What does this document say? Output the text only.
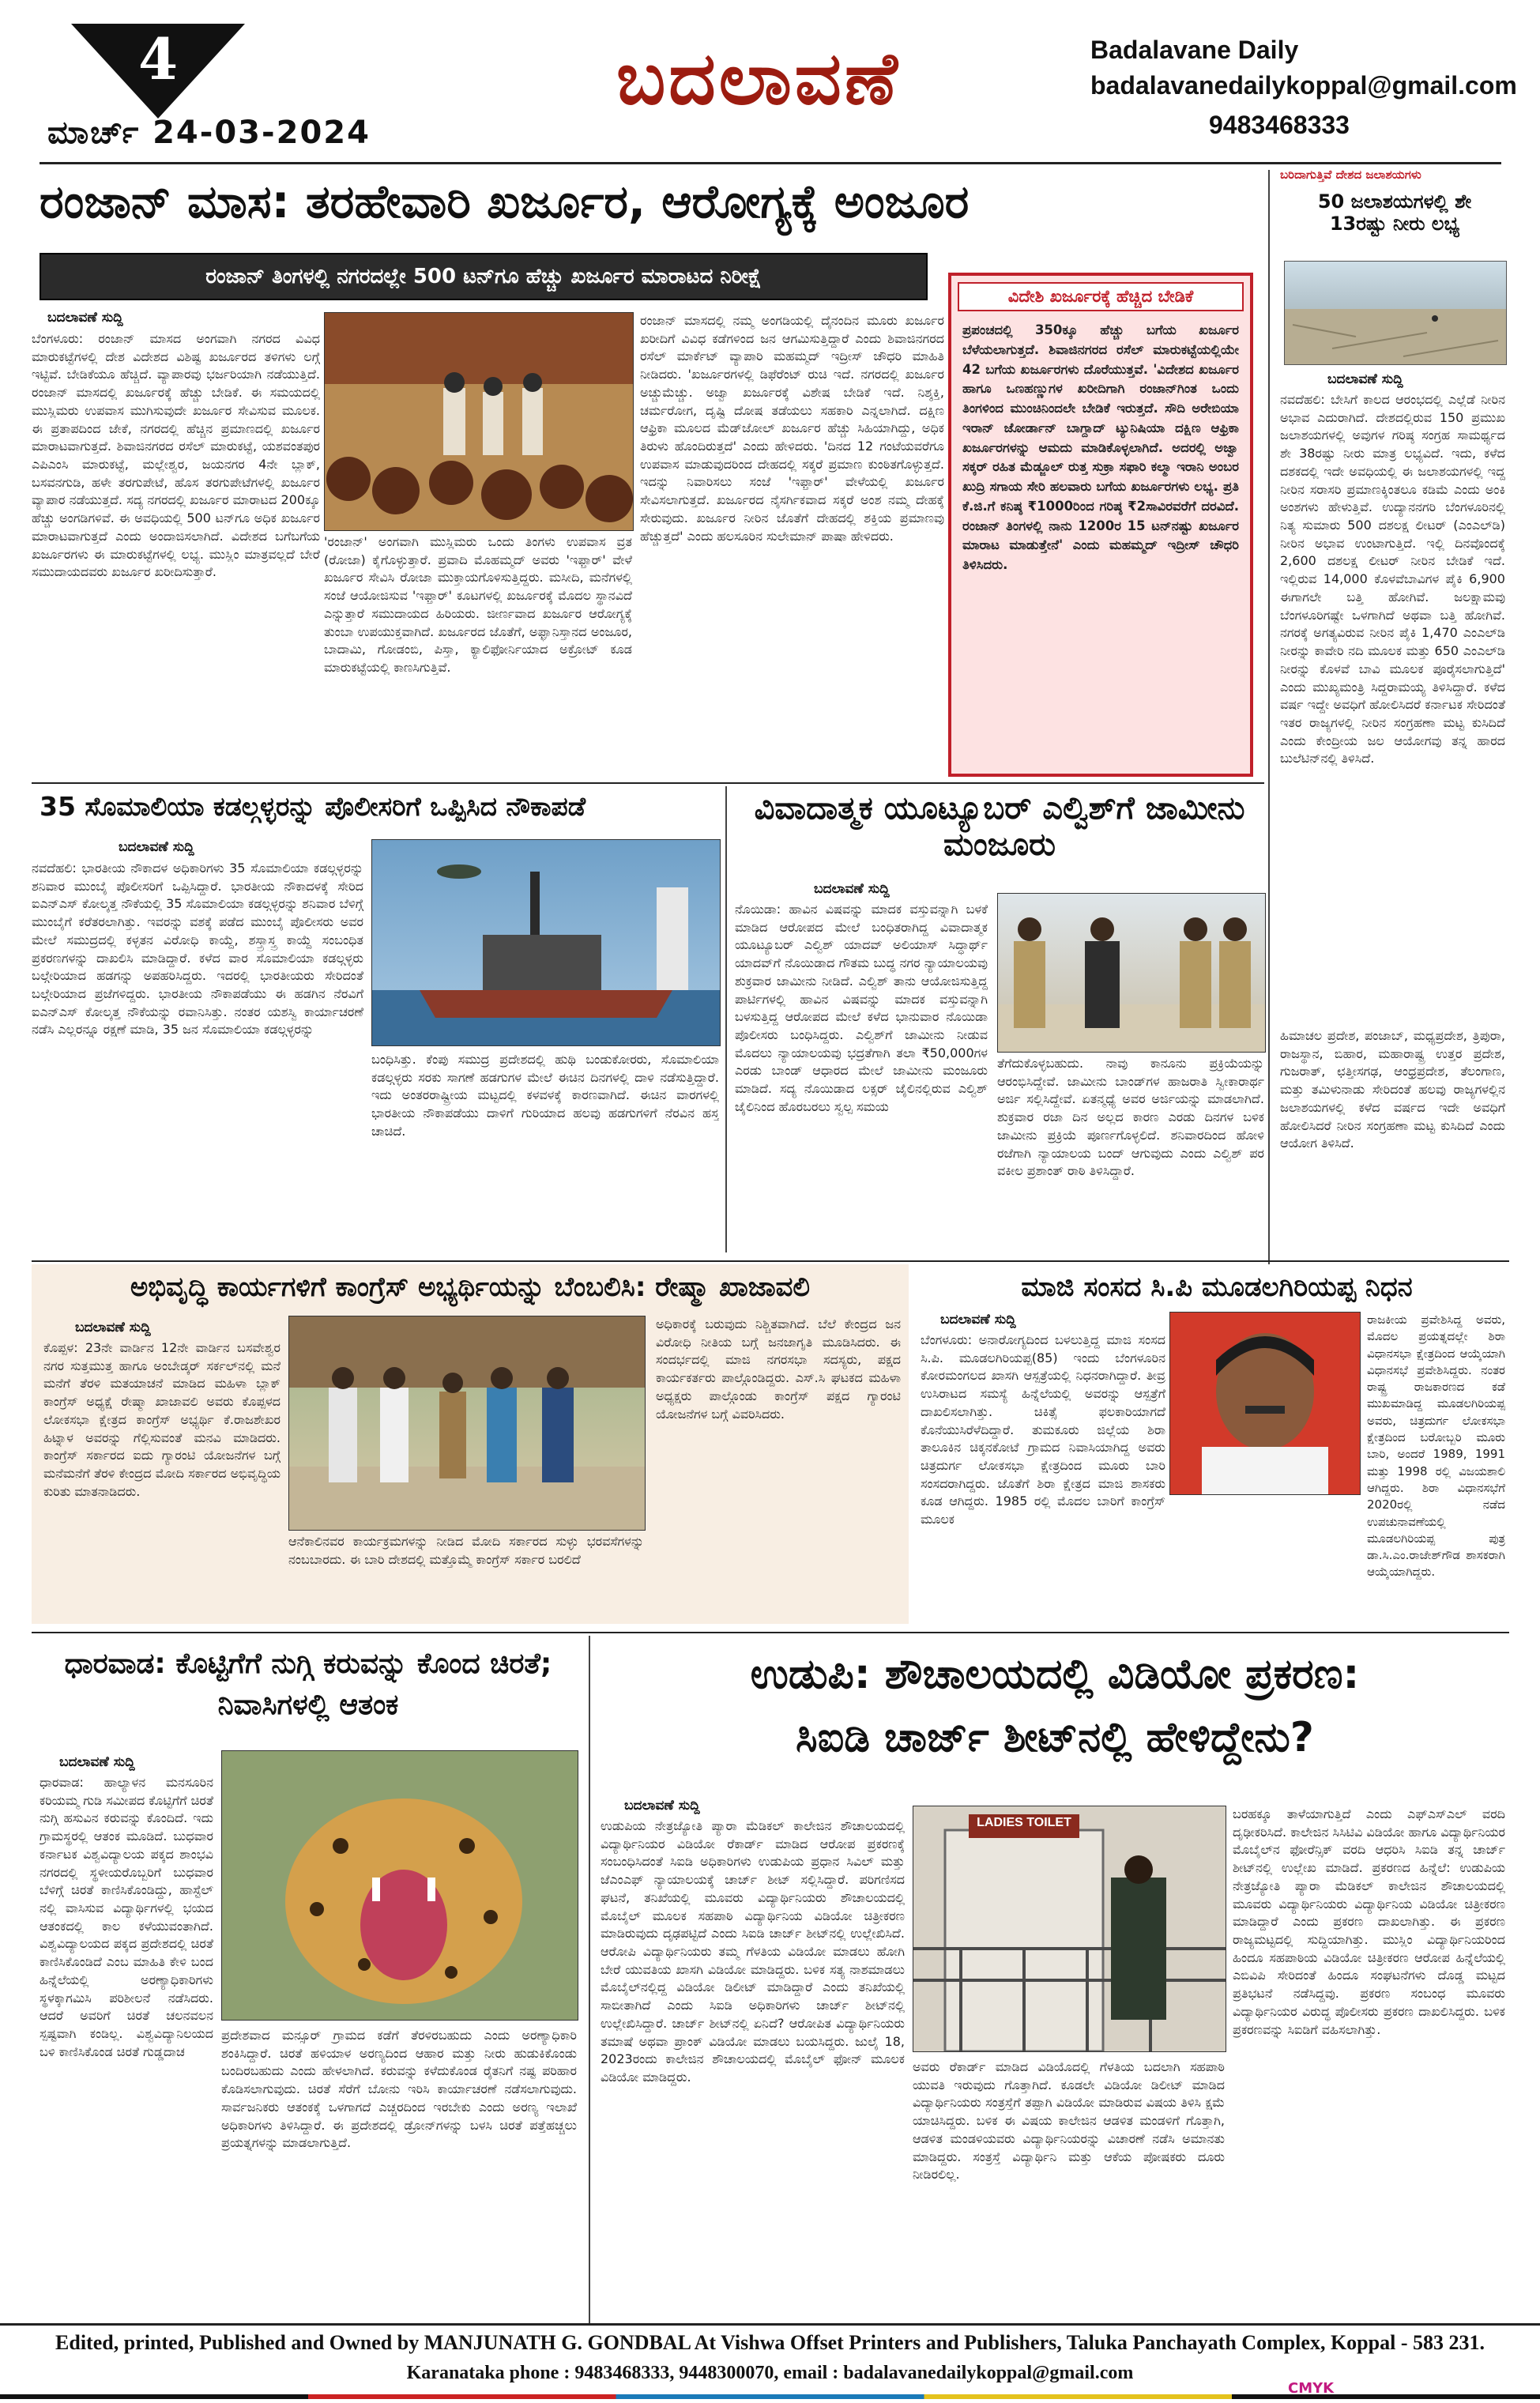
4
ಮಾರ್ಚ್ 24-03-2024
ಬದಲಾವಣೆ	Badalavane Daily
badalavanedailykoppal@gmail.com
9483468333
ರಂಜಾನ್ ಮಾಸ: ತರಹೇವಾರಿ ಖರ್ಜೂರ, ಆರೋಗ್ಯಕ್ಕೆ ಅಂಜೂರ
ರಂಜಾನ್ ತಿಂಗಳಲ್ಲಿ ನಗರದಲ್ಲೇ 500 ಟನ್‌ಗೂ ಹೆಚ್ಚು ಖರ್ಜೂರ ಮಾರಾಟದ ನಿರೀಕ್ಷೆ
ಬದಲಾವಣೆ ಸುದ್ದಿ
ಬೆಂಗಳೂರು: ರಂಜಾನ್ ಮಾಸದ ಅಂಗವಾಗಿ ನಗರದ ವಿವಿಧ ಮಾರುಕಟ್ಟೆಗಳಲ್ಲಿ ದೇಶ ವಿದೇಶದ ವಿಶಿಷ್ಟ ಖರ್ಜೂರದ ತಳಿಗಳು ಲಗ್ಗೆ ಇಟ್ಟಿವೆ. ಬೇಡಿಕೆಯೂ ಹೆಚ್ಚಿದೆ. ವ್ಯಾಪಾರವು ಭರ್ಜರಿಯಾಗಿ ನಡೆಯುತ್ತಿದೆ. ರಂಜಾನ್ ಮಾಸದಲ್ಲಿ ಖರ್ಜೂರಕ್ಕೆ ಹೆಚ್ಚು ಬೇಡಿಕೆ. ಈ ಸಮಯದಲ್ಲಿ ಮುಸ್ಲಿಮರು ಉಪವಾಸ ಮುಗಿಸುವುದೇ ಖರ್ಜೂರ ಸೇವಿಸುವ ಮೂಲಕ. ಈ ಪ್ರತಾಪದಿಂದ ಜೇಕೆ, ನಗರದಲ್ಲಿ ಹೆಚ್ಚಿನ ಪ್ರಮಾಣದಲ್ಲಿ ಖರ್ಜೂರ ಮಾರಾಟವಾಗುತ್ತದೆ. ಶಿವಾಜಿನಗರದ ರಸೆಲ್ ಮಾರುಕಟ್ಟೆ, ಯಶವಂತಪುರ ಎಪಿಎಂಸಿ ಮಾರುಕಟ್ಟೆ, ಮಲ್ಲೇಶ್ವರ, ಜಯನಗರ 4ನೇ ಬ್ಲಾಕ್, ಬಸವನಗುಡಿ, ಹಳೇ ತರಗುಪೇಟೆ, ಹೊಸ ತರಗುಪೇಟೆಗಳಲ್ಲಿ ಖರ್ಜೂರ ವ್ಯಾಪಾರ ನಡೆಯುತ್ತದೆ. ಸದ್ಯ ನಗರದಲ್ಲಿ ಖರ್ಜೂರ ಮಾರಾಟದ 200ಕ್ಕೂ ಹೆಚ್ಚು ಅಂಗಡಿಗಳಿವೆ. ಈ ಅವಧಿಯಲ್ಲಿ 500 ಟನ್‌ಗೂ ಅಧಿಕ ಖರ್ಜೂರ ಮಾರಾಟವಾಗುತ್ತದೆ ಎಂದು ಅಂದಾಜಿಸಲಾಗಿದೆ. ವಿದೇಶದ ಬಗೆಬಗೆಯ ಖರ್ಜೂರಗಳು ಈ ಮಾರುಕಟ್ಟೆಗಳಲ್ಲಿ ಲಭ್ಯ. ಮುಸ್ಲಿಂ ಮಾತ್ರವಲ್ಲದೆ ಬೇರೆ ಸಮುದಾಯದವರು ಖರ್ಜೂರ ಖರೀದಿಸುತ್ತಾರೆ.
'ರಂಜಾನ್' ಅಂಗವಾಗಿ ಮುಸ್ಲಿಮರು ಒಂದು ತಿಂಗಳು ಉಪವಾಸ ವ್ರತ (ರೋಜಾ) ಕೈಗೊಳ್ಳುತ್ತಾರೆ. ಪ್ರವಾದಿ ಮೊಹಮ್ಮದ್ ಅವರು 'ಇಫ್ತಾರ್' ವೇಳೆ ಖರ್ಜೂರ ಸೇವಿಸಿ ರೋಜಾ ಮುಕ್ತಾಯಗೊಳಿಸುತ್ತಿದ್ದರು. ಮಸೀದಿ, ಮನೆಗಳಲ್ಲಿ ಸಂಜೆ ಆಯೋಜಿಸುವ 'ಇಫ್ತಾರ್' ಕೂಟಗಳಲ್ಲಿ ಖರ್ಜೂರಕ್ಕೆ ಮೊದಲ ಸ್ಥಾನವಿದೆ ಎನ್ನುತ್ತಾರೆ ಸಮುದಾಯದ ಹಿರಿಯರು. ಜೀರ್ಣವಾದ ಖರ್ಜೂರ ಆರೋಗ್ಯಕ್ಕೆ ತುಂಬಾ ಉಪಯುಕ್ತವಾಗಿದೆ. ಖರ್ಜೂರದ ಜೊತೆಗೆ, ಅಫ್ಘಾನಿಸ್ತಾನದ ಅಂಜೂರ, ಬಾದಾಮಿ, ಗೋಡಂಬಿ, ಪಿಸ್ತಾ, ಕ್ಯಾಲಿಫೋರ್ನಿಯಾದ ಅಕ್ರೋಟ್ ಕೂಡ ಮಾರುಕಟ್ಟೆಯಲ್ಲಿ ಕಾಣಸಿಗುತ್ತಿವೆ.
ರಂಜಾನ್ ಮಾಸದಲ್ಲಿ ನಮ್ಮ ಅಂಗಡಿಯಲ್ಲಿ ದೈನಂದಿನ ಮೂರು ಖರ್ಜೂರ ಖರೀದಿಗೆ ವಿವಿಧ ಕಡೆಗಳಿಂದ ಜನ ಆಗಮಿಸುತ್ತಿದ್ದಾರೆ ಎಂದು ಶಿವಾಜಿನಗರದ ರಸೆಲ್ ಮಾರ್ಕೆಟ್ ವ್ಯಾಪಾರಿ ಮಹಮ್ಮದ್ ಇದ್ರೀಸ್ ಚೌಧರಿ ಮಾಹಿತಿ ನೀಡಿದರು. 'ಖರ್ಜೂರಗಳಲ್ಲಿ ಡಿಫೆರೆಂಟ್ ರುಚಿ ಇದೆ. ನಗರದಲ್ಲಿ ಖರ್ಜೂರ ಅಚ್ಚುಮೆಚ್ಚು. ಅಜ್ವಾ ಖರ್ಜೂರಕ್ಕೆ ವಿಶೇಷ ಬೇಡಿಕೆ ಇದೆ. ನಿಶ್ಶಕ್ತಿ, ಚರ್ಮರೋಗ, ದೃಷ್ಟಿ ದೋಷ ತಡೆಯಲು ಸಹಕಾರಿ ಎನ್ನಲಾಗಿದೆ. ದಕ್ಷಿಣ ಆಫ್ರಿಕಾ ಮೂಲದ ಮೆಡ್‌ಜೋಲ್ ಖರ್ಜೂರ ಹೆಚ್ಚು ಸಿಹಿಯಾಗಿದ್ದು, ಅಧಿಕ ತಿರುಳು ಹೊಂದಿರುತ್ತದೆ' ಎಂದು ಹೇಳಿದರು. 'ದಿನದ 12 ಗಂಟೆಯವರೆಗೂ ಉಪವಾಸ ಮಾಡುವುದರಿಂದ ದೇಹದಲ್ಲಿ ಸಕ್ಕರೆ ಪ್ರಮಾಣ ಕುಂಠಿತಗೊಳ್ಳುತ್ತದೆ. ಇದನ್ನು ನಿವಾರಿಸಲು ಸಂಜೆ 'ಇಫ್ತಾರ್' ವೇಳೆಯಲ್ಲಿ ಖರ್ಜೂರ ಸೇವಿಸಲಾಗುತ್ತದೆ. ಖರ್ಜೂರದ ನೈಸರ್ಗಿಕವಾದ ಸಕ್ಕರೆ ಅಂಶ ನಮ್ಮ ದೇಹಕ್ಕೆ ಸೇರುವುದು. ಖರ್ಜೂರ ನೀರಿನ ಜೊತೆಗೆ ದೇಹದಲ್ಲಿ ಶಕ್ತಿಯ ಪ್ರಮಾಣವು ಹೆಚ್ಚುತ್ತದೆ' ಎಂದು ಹಲಸೂರಿನ ಸುಲೇಮಾನ್ ಪಾಷಾ ಹೇಳಿದರು.
ವಿದೇಶಿ ಖರ್ಜೂರಕ್ಕೆ ಹೆಚ್ಚಿದ ಬೇಡಿಕೆ
ಪ್ರಪಂಚದಲ್ಲಿ 350ಕ್ಕೂ ಹೆಚ್ಚು ಬಗೆಯ ಖರ್ಜೂರ ಬೆಳೆಯಲಾಗುತ್ತದೆ. ಶಿವಾಜಿನಗರದ ರಸೆಲ್ ಮಾರುಕಟ್ಟೆಯಲ್ಲಿಯೇ 42 ಬಗೆಯ ಖರ್ಜೂರಗಳು ದೊರೆಯುತ್ತವೆ. 'ವಿದೇಶದ ಖರ್ಜೂರ ಹಾಗೂ ಒಣಹಣ್ಣುಗಳ ಖರೀದಿಗಾಗಿ ರಂಜಾನ್‌ಗಿಂತ ಒಂದು ತಿಂಗಳಿಂದ ಮುಂಚಿನಿಂದಲೇ ಬೇಡಿಕೆ ಇರುತ್ತದೆ. ಸೌದಿ ಅರೇಬಿಯಾ ಇರಾನ್ ಜೋರ್ಡಾನ್ ಬಾಗ್ದಾದ್ ಟ್ಯುನಿಷಿಯಾ ದಕ್ಷಿಣ ಆಫ್ರಿಕಾ ಖರ್ಜೂರಗಳನ್ನು ಆಮದು ಮಾಡಿಕೊಳ್ಳಲಾಗಿದೆ. ಅದರಲ್ಲಿ ಅಜ್ವಾ ಸಕ್ಕರ್ ರಹಿತ ಮೆಡ್ಜೂಲ್ ರುತ್ತ ಸುಕ್ರಾ ಸಫಾರಿ ಕಲ್ಮಾ ಇರಾನಿ ಅಂಬರ ಖುದ್ರಿ ಸಗಾಯ ಸೇರಿ ಹಲವಾರು ಬಗೆಯ ಖರ್ಜೂರಗಳು ಲಭ್ಯ. ಪ್ರತಿ ಕೆ.ಜಿ.ಗೆ ಕನಿಷ್ಠ ₹1000ರಿಂದ ಗರಿಷ್ಠ ₹2ಸಾವಿರವರೆಗೆ ದರವಿದೆ. ರಂಜಾನ್ ತಿಂಗಳಲ್ಲಿ ನಾನು 1200ರ 15 ಟನ್‌ನಷ್ಟು ಖರ್ಜೂರ ಮಾರಾಟ ಮಾಡುತ್ತೇನೆ' ಎಂದು ಮಹಮ್ಮದ್ ಇದ್ರೀಸ್ ಚೌಧರಿ ತಿಳಿಸಿದರು.
ಬರಿದಾಗುತ್ತಿವೆ ದೇಶದ ಜಲಾಶಯಗಳು
50 ಜಲಾಶಯಗಳಲ್ಲಿ ಶೇ 13ರಷ್ಟು ನೀರು ಲಭ್ಯ
ಬದಲಾವಣೆ ಸುದ್ದಿ
ನವದೆಹಲಿ: ಬೇಸಿಗೆ ಕಾಲದ ಆರಂಭದಲ್ಲಿ ಎಲ್ಲೆಡೆ ನೀರಿನ ಅಭಾವ ಎದುರಾಗಿದೆ. ದೇಶದಲ್ಲಿರುವ 150 ಪ್ರಮುಖ ಜಲಾಶಯಗಳಲ್ಲಿ ಅವುಗಳ ಗರಿಷ್ಠ ಸಂಗ್ರಹ ಸಾಮರ್ಥ್ಯದ ಶೇ 38ರಷ್ಟು ನೀರು ಮಾತ್ರ ಲಭ್ಯವಿದೆ. ಇದು, ಕಳೆದ ದಶಕದಲ್ಲಿ ಇದೇ ಅವಧಿಯಲ್ಲಿ ಈ ಜಲಾಶಯಗಳಲ್ಲಿ ಇದ್ದ ನೀರಿನ ಸರಾಸರಿ ಪ್ರಮಾಣಕ್ಕಿಂತಲೂ ಕಡಿಮೆ ಎಂದು ಅಂಕಿ ಅಂಶಗಳು ಹೇಳುತ್ತಿವೆ. ಉದ್ಯಾನನಗರಿ ಬೆಂಗಳೂರಿನಲ್ಲಿ ನಿತ್ಯ ಸುಮಾರು 500 ದಶಲಕ್ಷ ಲೀಟರ್ (ಎಂಎಲ್‌ಡಿ) ನೀರಿನ ಅಭಾವ ಉಂಟಾಗುತ್ತಿದೆ. ಇಲ್ಲಿ ದಿನವೊಂದಕ್ಕೆ 2,600 ದಶಲಕ್ಷ ಲೀಟರ್ ನೀರಿನ ಬೇಡಿಕೆ ಇದೆ. ಇಲ್ಲಿರುವ 14,000 ಕೊಳವೆಬಾವಿಗಳ ಪೈಕಿ 6,900 ಈಗಾಗಲೇ ಬತ್ತಿ ಹೋಗಿವೆ. ಜಲಕ್ಷಾಮವು ಬೆಂಗಳೂರಿಗಷ್ಟೇ ಒಳಗಾಗಿದೆ ಅಥವಾ ಬತ್ತಿ ಹೋಗಿವೆ. ನಗರಕ್ಕೆ ಅಗತ್ಯವಿರುವ ನೀರಿನ ಪೈಕಿ 1,470 ಎಂಎಲ್‌ಡಿ ನೀರನ್ನು ಕಾವೇರಿ ನದಿ ಮೂಲಕ ಮತ್ತು 650 ಎಂಎಲ್‌ಡಿ ನೀರನ್ನು ಕೊಳವೆ ಬಾವಿ ಮೂಲಕ ಪೂರೈಸಲಾಗುತ್ತಿದೆ' ಎಂದು ಮುಖ್ಯಮಂತ್ರಿ ಸಿದ್ದರಾಮಯ್ಯ ತಿಳಿಸಿದ್ದಾರೆ. ಕಳೆದ ವರ್ಷ ಇದ್ದೇ ಅವಧಿಗೆ ಹೋಲಿಸಿದರೆ ಕರ್ನಾಟಕ ಸೇರಿದಂತೆ ಇತರ ರಾಜ್ಯಗಳಲ್ಲಿ ನೀರಿನ ಸಂಗ್ರಹಣಾ ಮಟ್ಟ ಕುಸಿದಿದೆ ಎಂದು ಕೇಂದ್ರೀಯ ಜಲ ಆಯೋಗವು ತನ್ನ ಹಾರದ ಬುಲೆಟಿನ್‌ನಲ್ಲಿ ತಿಳಿಸಿದೆ.
ಹಿಮಾಚಲ ಪ್ರದೇಶ, ಪಂಜಾಬ್, ಮಧ್ಯಪ್ರದೇಶ, ತ್ರಿಪುರಾ, ರಾಜಸ್ಥಾನ, ಬಿಹಾರ, ಮಹಾರಾಷ್ಟ್ರ ಉತ್ತರ ಪ್ರದೇಶ, ಗುಜರಾತ್, ಛತ್ತೀಸಗಢ, ಆಂಧ್ರಪ್ರದೇಶ, ತೆಲಂಗಾಣ, ಮತ್ತು ತಮಿಳುನಾಡು ಸೇರಿದಂತೆ ಹಲವು ರಾಜ್ಯಗಳಲ್ಲಿನ ಜಲಾಶಯಗಳಲ್ಲಿ ಕಳೆದ ವರ್ಷದ ಇದೇ ಅವಧಿಗೆ ಹೋಲಿಸಿದರೆ ನೀರಿನ ಸಂಗ್ರಹಣಾ ಮಟ್ಟ ಕುಸಿದಿದೆ ಎಂದು ಆಯೋಗ ತಿಳಿಸಿದೆ.
35 ಸೊಮಾಲಿಯಾ ಕಡಲ್ಗಳ್ಳರನ್ನು ಪೊಲೀಸರಿಗೆ ಒಪ್ಪಿಸಿದ ನೌಕಾಪಡೆ
ಬದಲಾವಣೆ ಸುದ್ದಿ
ನವದೆಹಲಿ: ಭಾರತೀಯ ನೌಕಾದಳ ಅಧಿಕಾರಿಗಳು 35 ಸೊಮಾಲಿಯಾ ಕಡಲ್ಗಳ್ಳರನ್ನು ಶನಿವಾರ ಮುಂಬೈ ಪೊಲೀಸರಿಗೆ ಒಪ್ಪಿಸಿದ್ದಾರೆ. ಭಾರತೀಯ ನೌಕಾದಳಕ್ಕೆ ಸೇರಿದ ಐಎನ್ಎಸ್ ಕೋಲ್ಕತ್ತ ನೌಕೆಯಲ್ಲಿ 35 ಸೊಮಾಲಿಯಾ ಕಡಲ್ಗಳ್ಳರನ್ನು ಶನಿವಾರ ಬೆಳಿಗ್ಗೆ ಮುಂಬೈಗೆ ಕರೆತರಲಾಗಿತ್ತು. ಇವರನ್ನು ವಶಕ್ಕೆ ಪಡೆದ ಮುಂಬೈ ಪೊಲೀಸರು ಅವರ ಮೇಲೆ ಸಮುದ್ರದಲ್ಲಿ ಕಳ್ಳತನ ವಿರೋಧಿ ಕಾಯ್ದೆ, ಶಸ್ತ್ರಾಸ್ತ್ರ ಕಾಯ್ದೆ ಸಂಬಂಧಿತ ಪ್ರಕರಣಗಳನ್ನು ದಾಖಲಿಸಿ ಮಾಡಿದ್ದಾರೆ. ಕಳೆದ ವಾರ ಸೊಮಾಲಿಯಾ ಕಡಲ್ಗಳ್ಳರು ಬಲ್ಗೇರಿಯಾದ ಹಡಗನ್ನು ಅಪಹರಿಸಿದ್ದರು. ಇದರಲ್ಲಿ ಭಾರತೀಯರು ಸೇರಿದಂತೆ ಬಲ್ಗೇರಿಯಾದ ಪ್ರಜೆಗಳಿದ್ದರು. ಭಾರತೀಯ ನೌಕಾಪಡೆಯು ಈ ಹಡಗಿನ ನೆರವಿಗೆ ಐಎನ್ಎಸ್ ಕೋಲ್ಕತ್ತ ನೌಕೆಯನ್ನು ರವಾನಿಸಿತ್ತು. ನಂತರ ಯಶಸ್ವಿ ಕಾರ್ಯಾಚರಣೆ ನಡೆಸಿ ಎಲ್ಲರನ್ನೂ ರಕ್ಷಣೆ ಮಾಡಿ, 35 ಜನ ಸೊಮಾಲಿಯಾ ಕಡಲ್ಗಳ್ಳರನ್ನು
ಬಂಧಿಸಿತ್ತು. ಕೆಂಪು ಸಮುದ್ರ ಪ್ರದೇಶದಲ್ಲಿ ಹುಥಿ ಬಂಡುಕೋರರು, ಸೊಮಾಲಿಯಾ ಕಡಲ್ಗಳ್ಳರು ಸರಕು ಸಾಗಣೆ ಹಡಗುಗಳ ಮೇಲೆ ಈಚಿನ ದಿನಗಳಲ್ಲಿ ದಾಳಿ ನಡೆಸುತ್ತಿದ್ದಾರೆ. ಇದು ಅಂತರರಾಷ್ಟ್ರೀಯ ಮಟ್ಟದಲ್ಲಿ ಕಳವಳಕ್ಕೆ ಕಾರಣವಾಗಿದೆ. ಈಚಿನ ವಾರಗಳಲ್ಲಿ ಭಾರತೀಯ ನೌಕಾಪಡೆಯು ದಾಳಿಗೆ ಗುರಿಯಾದ ಹಲವು ಹಡಗುಗಳಿಗೆ ನೆರವಿನ ಹಸ್ತ ಚಾಚಿದೆ.
ವಿವಾದಾತ್ಮಕ ಯೂಟ್ಯೂಬರ್ ಎಲ್ವಿಶ್‌ಗೆ ಜಾಮೀನು ಮಂಜೂರು
ಬದಲಾವಣೆ ಸುದ್ದಿ
ನೊಯಿಡಾ: ಹಾವಿನ ವಿಷವನ್ನು ಮಾದಕ ವಸ್ತುವನ್ನಾಗಿ ಬಳಕೆ ಮಾಡಿದ ಆರೋಪದ ಮೇಲೆ ಬಂಧಿತರಾಗಿದ್ದ ವಿವಾದಾತ್ಮಕ ಯೂಟ್ಯೂಬರ್ ಎಲ್ವಿಶ್ ಯಾದವ್ ಅಲಿಯಾಸ್ ಸಿದ್ಧಾರ್ಥ್ ಯಾದವ್‌ಗೆ ನೊಯಿಡಾದ ಗೌತಮ ಬುದ್ಧ ನಗರ ನ್ಯಾಯಾಲಯವು ಶುಕ್ರವಾರ ಜಾಮೀನು ನೀಡಿದೆ. ಎಲ್ವಿಶ್ ತಾನು ಆಯೋಜಿಸುತ್ತಿದ್ದ ಪಾರ್ಟಿಗಳಲ್ಲಿ ಹಾವಿನ ವಿಷವನ್ನು ಮಾದಕ ವಸ್ತುವನ್ನಾಗಿ ಬಳಸುತ್ತಿದ್ದ ಆರೋಪದ ಮೇಲೆ ಕಳೆದ ಭಾನುವಾರ ನೊಯಿಡಾ ಪೊಲೀಸರು ಬಂಧಿಸಿದ್ದರು. ಎಲ್ವಿಶ್‌ಗೆ ಜಾಮೀನು ನೀಡುವ ಮೊದಲು ನ್ಯಾಯಾಲಯವು ಭದ್ರತೆಗಾಗಿ ತಲಾ ₹50,000ಗಳ ಎರಡು ಬಾಂಡ್ ಆಧಾರದ ಮೇಲೆ ಜಾಮೀನು ಮಂಜೂರು ಮಾಡಿದೆ. ಸದ್ಯ ನೊಯಿಡಾದ ಲಕ್ಸರ್ ಜೈಲಿನಲ್ಲಿರುವ ಎಲ್ವಿಶ್ ಜೈಲಿನಿಂದ ಹೊರಬರಲು ಸ್ವಲ್ಪ ಸಮಯ
ತೆಗೆದುಕೊಳ್ಳಬಹುದು. ನಾವು ಕಾನೂನು ಪ್ರಕ್ರಿಯೆಯನ್ನು ಆರಂಭಿಸಿದ್ದೇವೆ. ಜಾಮೀನು ಬಾಂಡ್‌ಗಳ ಹಾಜರಾತಿ ಸ್ವೀಕಾರಾರ್ಥ ಅರ್ಜಿ ಸಲ್ಲಿಸಿದ್ದೇವೆ. ಏತನ್ಮಧ್ಯೆ ಅವರ ಅರ್ಜಿಯನ್ನು ಮಾಡಲಾಗಿದೆ. ಶುಕ್ರವಾರ ರಜಾ ದಿನ ಅಲ್ಲದ ಕಾರಣ ಎರಡು ದಿನಗಳ ಬಳಿಕ ಜಾಮೀನು ಪ್ರಕ್ರಿಯೆ ಪೂರ್ಣಗೊಳ್ಳಲಿದೆ. ಶನಿವಾರದಿಂದ ಹೋಳಿ ರಜೆಗಾಗಿ ನ್ಯಾಯಾಲಯ ಬಂದ್ ಆಗುವುದು ಎಂದು ಎಲ್ವಿಶ್ ಪರ ವಕೀಲ ಪ್ರಶಾಂತ್ ರಾಠಿ ತಿಳಿಸಿದ್ದಾರೆ.
ಅಭಿವೃದ್ಧಿ ಕಾರ್ಯಗಳಿಗೆ ಕಾಂಗ್ರೆಸ್ ಅಭ್ಯರ್ಥಿಯನ್ನು ಬೆಂಬಲಿಸಿ: ರೇಷ್ಮಾ ಖಾಜಾವಲಿ
ಬದಲಾವಣೆ ಸುದ್ದಿ
ಕೊಪ್ಪಳ: 23ನೇ ವಾರ್ಡಿನ 12ನೇ ವಾರ್ಡಿನ ಬಸವೇಶ್ವರ ನಗರ ಸುತ್ತಮುತ್ತ ಹಾಗೂ ಅಂಬೇಡ್ಕರ್ ಸರ್ಕಲ್‌ನಲ್ಲಿ ಮನೆ ಮನೆಗೆ ತೆರಳಿ ಮತಯಾಚನೆ ಮಾಡಿದ ಮಹಿಳಾ ಬ್ಲಾಕ್ ಕಾಂಗ್ರೆಸ್ ಅಧ್ಯಕ್ಷೆ ರೇಷ್ಮಾ ಖಾಜಾವಲಿ ಅವರು ಕೊಪ್ಪಳದ ಲೋಕಸಭಾ ಕ್ಷೇತ್ರದ ಕಾಂಗ್ರೆಸ್ ಅಭ್ಯರ್ಥಿ ಕೆ.ರಾಜಶೇಖರ ಹಿಟ್ನಾಳ ಅವರನ್ನು ಗೆಲ್ಲಿಸುವಂತೆ ಮನವಿ ಮಾಡಿದರು. ಕಾಂಗ್ರೆಸ್ ಸರ್ಕಾರದ ಐದು ಗ್ಯಾರಂಟಿ ಯೋಜನೆಗಳ ಬಗ್ಗೆ ಮನೆಮನೆಗೆ ತೆರಳಿ ಕೇಂದ್ರದ ಮೋದಿ ಸರ್ಕಾರದ ಅಭಿವೃದ್ಧಿಯ ಕುರಿತು ಮಾತನಾಡಿದರು.
ಆನೆಕಾಲಿನವರ ಕಾರ್ಯಕ್ರಮಗಳನ್ನು ನೀಡಿದ ಮೋದಿ ಸರ್ಕಾರದ ಸುಳ್ಳು ಭರವಸೆಗಳನ್ನು ನಂಬಬಾರದು. ಈ ಬಾರಿ ದೇಶದಲ್ಲಿ ಮತ್ತೊಮ್ಮೆ ಕಾಂಗ್ರೆಸ್ ಸರ್ಕಾರ ಬರಲಿದೆ
ಅಧಿಕಾರಕ್ಕೆ ಬರುವುದು ನಿಶ್ಚಿತವಾಗಿದೆ. ಬೆಲೆ ಕೇಂದ್ರದ ಜನ ವಿರೋಧಿ ನೀತಿಯ ಬಗ್ಗೆ ಜನಜಾಗೃತಿ ಮೂಡಿಸಿದರು. ಈ ಸಂದರ್ಭದಲ್ಲಿ ಮಾಜಿ ನಗರಸಭಾ ಸದಸ್ಯರು, ಪಕ್ಷದ ಕಾರ್ಯಕರ್ತರು ಪಾಲ್ಗೊಂಡಿದ್ದರು. ಎಸ್.ಸಿ ಘಟಕದ ಮಹಿಳಾ ಅಧ್ಯಕ್ಷರು ಪಾಲ್ಗೊಂಡು ಕಾಂಗ್ರೆಸ್ ಪಕ್ಷದ ಗ್ಯಾರಂಟಿ ಯೋಜನೆಗಳ ಬಗ್ಗೆ ವಿವರಿಸಿದರು.
ಮಾಜಿ ಸಂಸದ ಸಿ.ಪಿ ಮೂಡಲಗಿರಿಯಪ್ಪ ನಿಧನ
ಬದಲಾವಣೆ ಸುದ್ದಿ
ಬೆಂಗಳೂರು: ಅನಾರೋಗ್ಯದಿಂದ ಬಳಲುತ್ತಿದ್ದ ಮಾಜಿ ಸಂಸದ ಸಿ.ಪಿ. ಮೂಡಲಗಿರಿಯಪ್ಪ(85) ಇಂದು ಬೆಂಗಳೂರಿನ ಕೋರಮಂಗಲದ ಖಾಸಗಿ ಆಸ್ಪತ್ರೆಯಲ್ಲಿ ನಿಧನರಾಗಿದ್ದಾರೆ. ತೀವ್ರ ಉಸಿರಾಟದ ಸಮಸ್ಯೆ ಹಿನ್ನೆಲೆಯಲ್ಲಿ ಅವರನ್ನು ಆಸ್ಪತ್ರೆಗೆ ದಾಖಲಿಸಲಾಗಿತ್ತು. ಚಿಕಿತ್ಸೆ ಫಲಕಾರಿಯಾಗದೆ ಕೊನೆಯುಸಿರೆಳೆದಿದ್ದಾರೆ. ತುಮಕೂರು ಜಿಲ್ಲೆಯ ಶಿರಾ ತಾಲೂಕಿನ ಚಿಕ್ಕನಕೋಟೆ ಗ್ರಾಮದ ನಿವಾಸಿಯಾಗಿದ್ದ ಅವರು ಚಿತ್ರದುರ್ಗ ಲೋಕಸಭಾ ಕ್ಷೇತ್ರದಿಂದ ಮೂರು ಬಾರಿ ಸಂಸದರಾಗಿದ್ದರು. ಜೊತೆಗೆ ಶಿರಾ ಕ್ಷೇತ್ರದ ಮಾಜಿ ಶಾಸಕರು ಕೂಡ ಆಗಿದ್ದರು. 1985 ರಲ್ಲಿ ಮೊದಲ ಬಾರಿಗೆ ಕಾಂಗ್ರೆಸ್ ಮೂಲಕ
ರಾಜಕೀಯ ಪ್ರವೇಶಿಸಿದ್ದ ಅವರು, ಮೊದಲ ಪ್ರಯತ್ನದಲ್ಲೇ ಶಿರಾ ವಿಧಾನಸಭಾ ಕ್ಷೇತ್ರದಿಂದ ಆಯ್ಕೆಯಾಗಿ ವಿಧಾನಸಭೆ ಪ್ರವೇಶಿಸಿದ್ದರು. ನಂತರ ರಾಷ್ಟ್ರ ರಾಜಕಾರಣದ ಕಡೆ ಮುಖಮಾಡಿದ್ದ ಮೂಡಲಗಿರಿಯಪ್ಪ ಅವರು, ಚಿತ್ರದುರ್ಗ ಲೋಕಸಭಾ ಕ್ಷೇತ್ರದಿಂದ ಬರೋಬ್ಬರಿ ಮೂರು ಬಾರಿ, ಅಂದರೆ 1989, 1991 ಮತ್ತು 1998 ರಲ್ಲಿ ವಿಜಯಶಾಲಿ ಆಗಿದ್ದರು. ಶಿರಾ ವಿಧಾನಸಭೆಗೆ 2020ರಲ್ಲಿ ನಡೆದ ಉಪಚುನಾವಣೆಯಲ್ಲಿ ಮೂಡಲಗಿರಿಯಪ್ಪ ಪುತ್ರ ಡಾ.ಸಿ.ಎಂ.ರಾಜೇಶ್‌ಗೌಡ ಶಾಸಕರಾಗಿ ಆಯ್ಕೆಯಾಗಿದ್ದರು.
ಧಾರವಾಡ: ಕೊಟ್ಟಿಗೆಗೆ ನುಗ್ಗಿ ಕರುವನ್ನು ಕೊಂದ ಚಿರತೆ; ನಿವಾಸಿಗಳಲ್ಲಿ ಆತಂಕ
ಬದಲಾವಣೆ ಸುದ್ದಿ
ಧಾರವಾಡ: ಹಾಲ್ಯಾಳನ ಮನಸೂರಿನ ಕರಿಯಮ್ಮ ಗುಡಿ ಸಮೀಪದ ಕೊಟ್ಟಿಗೆಗೆ ಚಿರತೆ ನುಗ್ಗಿ ಹಸುವಿನ ಕರುವನ್ನು ಕೊಂದಿದೆ. ಇದು ಗ್ರಾಮಸ್ಥರಲ್ಲಿ ಆತಂಕ ಮೂಡಿದೆ. ಬುಧವಾರ ಕರ್ನಾಟಕ ವಿಶ್ವವಿದ್ಯಾಲಯ ಪಕ್ಕದ ಶಾಂಭವಿ ನಗರದಲ್ಲಿ ಸ್ಥಳೀಯರೊಬ್ಬರಿಗೆ ಬುಧವಾರ ಬೆಳಿಗ್ಗೆ ಚಿರತೆ ಕಾಣಿಸಿಕೊಂಡಿದ್ದು, ಹಾಸ್ಟೆಲ್ ನಲ್ಲಿ ವಾಸಿಸುವ ವಿದ್ಯಾರ್ಥಿಗಳಲ್ಲಿ ಭಯದ ಆತಂಕದಲ್ಲಿ ಕಾಲ ಕಳೆಯುವಂತಾಗಿದೆ. ವಿಶ್ವವಿದ್ಯಾಲಯದ ಪಕ್ಕದ ಪ್ರದೇಶದಲ್ಲಿ ಚಿರತೆ ಕಾಣಿಸಿಕೊಂಡಿದೆ ಎಂಬ ಮಾಹಿತಿ ಕೇಳಿ ಬಂದ ಹಿನ್ನೆಲೆಯಲ್ಲಿ ಅರಣ್ಯಾಧಿಕಾರಿಗಳು ಸ್ಥಳಕ್ಕಾಗಮಿಸಿ ಪರಿಶೀಲನೆ ನಡೆಸಿದರು. ಆದರೆ ಅವರಿಗೆ ಚಿರತೆ ಚಲನವಲನ ಸ್ಪಷ್ಟವಾಗಿ ಕಂಡಿಲ್ಲ. ವಿಶ್ವವಿದ್ಯಾನಿಲಯದ ಬಳಿ ಕಾಣಿಸಿಕೊಂಡ ಚಿರತೆ ಗುಡ್ಡದಾಚ
ಪ್ರದೇಶವಾದ ಮನ್ಸೂರ್ ಗ್ರಾಮದ ಕಡೆಗೆ ತೆರಳಿರಬಹುದು ಎಂದು ಅರಣ್ಯಾಧಿಕಾರಿ ಶಂಕಿಸಿದ್ದಾರೆ. ಚಿರತೆ ಹಳಿಯಾಳ ಅರಣ್ಯದಿಂದ ಆಹಾರ ಮತ್ತು ನೀರು ಹುಡುಕಿಕೊಂಡು ಬಂದಿರಬಹುದು ಎಂದು ಹೇಳಲಾಗಿದೆ. ಕರುವನ್ನು ಕಳೆದುಕೊಂಡ ರೈತನಿಗೆ ನಷ್ಟ ಪರಿಹಾರ ಕೊಡಿಸಲಾಗುವುದು. ಚಿರತೆ ಸೆರೆಗೆ ಬೋನು ಇರಿಸಿ ಕಾರ್ಯಾಚರಣೆ ನಡೆಸಲಾಗುವುದು. ಸಾರ್ವಜನಿಕರು ಆತಂಕಕ್ಕೆ ಒಳಗಾಗದೆ ಎಚ್ಚರದಿಂದ ಇರಬೇಕು ಎಂದು ಅರಣ್ಯ ಇಲಾಖೆ ಅಧಿಕಾರಿಗಳು ತಿಳಿಸಿದ್ದಾರೆ. ಈ ಪ್ರದೇಶದಲ್ಲಿ ಡ್ರೋನ್‌ಗಳನ್ನು ಬಳಸಿ ಚಿರತೆ ಪತ್ತೆಹಚ್ಚಲು ಪ್ರಯತ್ನಗಳನ್ನು ಮಾಡಲಾಗುತ್ತಿದೆ.
ಉಡುಪಿ: ಶೌಚಾಲಯದಲ್ಲಿ ವಿಡಿಯೋ ಪ್ರಕರಣ:
ಸಿಐಡಿ ಚಾರ್ಜ್ ಶೀಟ್‌ನಲ್ಲಿ ಹೇಳಿದ್ದೇನು?
ಬದಲಾವಣೆ ಸುದ್ದಿ
ಉಡುಪಿಯ ನೇತ್ರಜ್ಯೋತಿ ಪ್ಯಾರಾ ಮೆಡಿಕಲ್ ಕಾಲೇಜಿನ ಶೌಚಾಲಯದಲ್ಲಿ ವಿದ್ಯಾರ್ಥಿನಿಯರ ವಿಡಿಯೋ ರೆಕಾರ್ಡ್ ಮಾಡಿದ ಆರೋಪ ಪ್ರಕರಣಕ್ಕೆ ಸಂಬಂಧಿಸಿದಂತೆ ಸಿಐಡಿ ಅಧಿಕಾರಿಗಳು ಉಡುಪಿಯ ಪ್ರಧಾನ ಸಿವಿಲ್ ಮತ್ತು ಜೆಎಂಎಫ್ ನ್ಯಾಯಾಲಯಕ್ಕೆ ಚಾರ್ಜ್ ಶೀಟ್ ಸಲ್ಲಿಸಿದ್ದಾರೆ. ಪರಿಗಣಿಸದ ಘಟನೆ, ತನಿಖೆಯಲ್ಲಿ ಮೂವರು ವಿದ್ಯಾರ್ಥಿನಿಯರು ಶೌಚಾಲಯದಲ್ಲಿ ಮೊಬೈಲ್ ಮೂಲಕ ಸಹಪಾಠಿ ವಿದ್ಯಾರ್ಥಿನಿಯ ವಿಡಿಯೋ ಚಿತ್ರೀಕರಣ ಮಾಡಿರುವುದು ದೃಢಪಟ್ಟಿದೆ ಎಂದು ಸಿಐಡಿ ಚಾರ್ಜ್ ಶೀಟ್‌ನಲ್ಲಿ ಉಲ್ಲೇಖಿಸಿದೆ. ಆರೋಪಿ ವಿದ್ಯಾರ್ಥಿನಿಯರು ತಮ್ಮ ಗೆಳತಿಯ ವಿಡಿಯೋ ಮಾಡಲು ಹೋಗಿ ಬೇರೆ ಯುವತಿಯ ಖಾಸಗಿ ವಿಡಿಯೋ ಮಾಡಿದ್ದರು. ಬಳಿಕ ಸತ್ಯ ನಾಶಮಾಡಲು ಮೊಬೈಲ್‌ನಲ್ಲಿದ್ದ ವಿಡಿಯೋ ಡಿಲೀಟ್ ಮಾಡಿದ್ದಾರೆ ಎಂದು ತನಿಖೆಯಲ್ಲಿ ಸಾಬೀತಾಗಿದೆ ಎಂದು ಸಿಐಡಿ ಅಧಿಕಾರಿಗಳು ಚಾರ್ಜ್ ಶೀಟ್‌ನಲ್ಲಿ ಉಲ್ಲೇಖಿಸಿದ್ದಾರೆ. ಚಾರ್ಜ್ ಶೀಟ್‌ನಲ್ಲಿ ಏನಿದೆ? ಆರೋಪಿತ ವಿದ್ಯಾರ್ಥಿನಿಯರು ತಮಾಷೆ ಅಥವಾ ಪ್ರಾಂಕ್ ವಿಡಿಯೋ ಮಾಡಲು ಬಯಸಿದ್ದರು. ಜುಲೈ 18, 2023ರಂದು ಕಾಲೇಜಿನ ಶೌಚಾಲಯದಲ್ಲಿ ಮೊಬೈಲ್ ಫೋನ್ ಮೂಲಕ ವಿಡಿಯೋ ಮಾಡಿದ್ದರು.
LADIES TOILET
ಅವರು ರೆಕಾರ್ಡ್ ಮಾಡಿದ ವಿಡಿಯೊದಲ್ಲಿ ಗೆಳತಿಯ ಬದಲಾಗಿ ಸಹಪಾಠಿ ಯುವತಿ ಇರುವುದು ಗೊತ್ತಾಗಿದೆ. ಕೂಡಲೇ ವಿಡಿಯೋ ಡಿಲೀಟ್ ಮಾಡಿದ ವಿದ್ಯಾರ್ಥಿನಿಯರು ಸಂತ್ರಸ್ತೆಗೆ ತಪ್ಪಾಗಿ ವಿಡಿಯೋ ಮಾಡಿರುವ ವಿಷಯ ತಿಳಿಸಿ ಕ್ಷಮೆ ಯಾಚಿಸಿದ್ದರು. ಬಳಿಕ ಈ ವಿಷಯ ಕಾಲೇಜಿನ ಆಡಳಿತ ಮಂಡಳಿಗೆ ಗೊತ್ತಾಗಿ, ಆಡಳಿತ ಮಂಡಳಿಯವರು ವಿದ್ಯಾರ್ಥಿನಿಯರನ್ನು ವಿಚಾರಣೆ ನಡೆಸಿ ಅಮಾನತು ಮಾಡಿದ್ದರು. ಸಂತ್ರಸ್ತೆ ವಿದ್ಯಾರ್ಥಿನಿ ಮತ್ತು ಆಕೆಯ ಪೋಷಕರು ದೂರು ನೀಡಿರಲಿಲ್ಲ.
ಬರಹಕ್ಕೂ ತಾಳೆಯಾಗುತ್ತಿದೆ ಎಂದು ಎಫ್ಎಸ್ಎಲ್ ವರದಿ ದೃಢೀಕರಿಸಿದೆ. ಕಾಲೇಜಿನ ಸಿಸಿಟಿವಿ ವಿಡಿಯೋ ಹಾಗೂ ವಿದ್ಯಾರ್ಥಿನಿಯರ ಮೊಬೈಲ್‌ನ ಫೋರೆನ್ಸಿಕ್ ವರದಿ ಆಧರಿಸಿ ಸಿಐಡಿ ತನ್ನ ಚಾರ್ಜ್ ಶೀಟ್‌ನಲ್ಲಿ ಉಲ್ಲೇಖ ಮಾಡಿದೆ. ಪ್ರಕರಣದ ಹಿನ್ನೆಲೆ: ಉಡುಪಿಯ ನೇತ್ರಜ್ಯೋತಿ ಪ್ಯಾರಾ ಮೆಡಿಕಲ್ ಕಾಲೇಜಿನ ಶೌಚಾಲಯದಲ್ಲಿ ಮೂವರು ವಿದ್ಯಾರ್ಥಿನಿಯರು ವಿದ್ಯಾರ್ಥಿನಿಯ ವಿಡಿಯೋ ಚಿತ್ರೀಕರಣ ಮಾಡಿದ್ದಾರೆ ಎಂದು ಪ್ರಕರಣ ದಾಖಲಾಗಿತ್ತು. ಈ ಪ್ರಕರಣ ರಾಜ್ಯಮಟ್ಟದಲ್ಲಿ ಸುದ್ದಿಯಾಗಿತ್ತು. ಮುಸ್ಲಿಂ ವಿದ್ಯಾರ್ಥಿನಿಯರಿಂದ ಹಿಂದೂ ಸಹಪಾಠಿಯ ವಿಡಿಯೋ ಚಿತ್ರೀಕರಣ ಆರೋಪ ಹಿನ್ನೆಲೆಯಲ್ಲಿ ಎಬಿವಿಪಿ ಸೇರಿದಂತೆ ಹಿಂದೂ ಸಂಘಟನೆಗಳು ದೊಡ್ಡ ಮಟ್ಟದ ಪ್ರತಿಭಟನೆ ನಡೆಸಿದ್ದವು. ಪ್ರಕರಣ ಸಂಬಂಧ ಮೂವರು ವಿದ್ಯಾರ್ಥಿನಿಯರ ವಿರುದ್ಧ ಪೊಲೀಸರು ಪ್ರಕರಣ ದಾಖಲಿಸಿದ್ದರು. ಬಳಿಕ ಪ್ರಕರಣವನ್ನು ಸಿಐಡಿಗೆ ವಹಿಸಲಾಗಿತ್ತು.
Edited, printed, Published and Owned by MANJUNATH G. GONDBAL At Vishwa Offset Printers and Publishers, Taluka Panchayath Complex, Koppal - 583 231.
Karanataka phone : 9483468333, 9448300070, email : badalavanedailykoppal@gmail.com
CMYK
